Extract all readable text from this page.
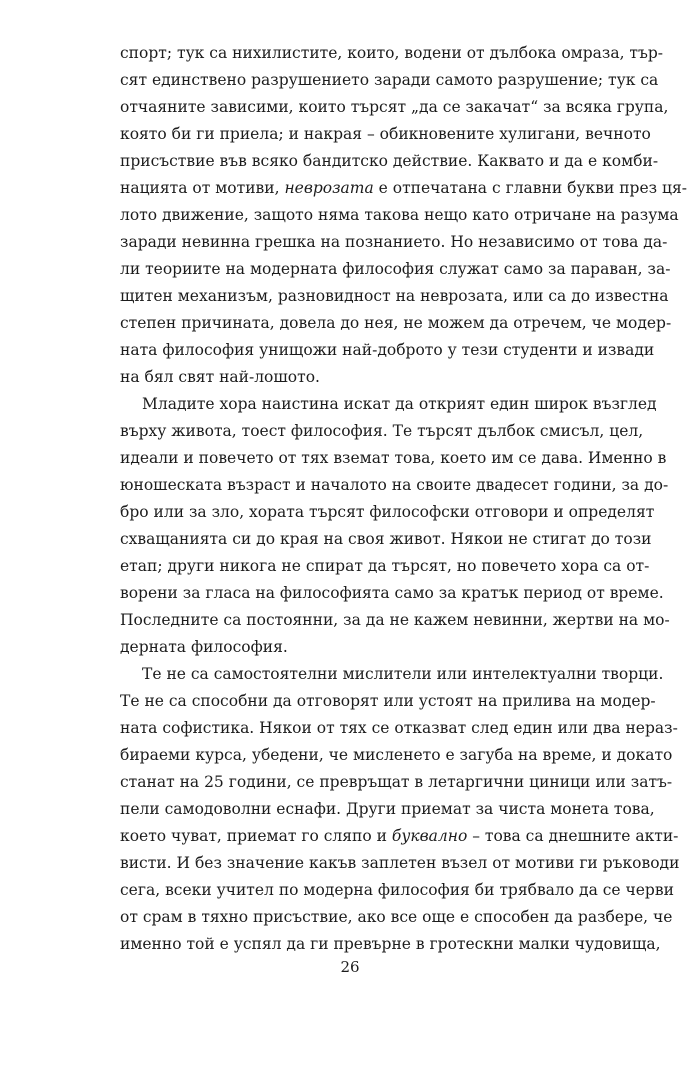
спорт; тук са нихилистите, които, водени от дълбока омраза, тър-
сят единствено разрушението заради самото разрушение; тук са
отчаяните зависими, които търсят „да се закачат“ за всяка група,
която би ги приела; и накрая – обикновените хулигани, вечното
присъствие във всяко бандитско действие. Каквато и да е комби-
нацията от мотиви, неврозата е отпечатана с главни букви през ця-
лото движение, защото няма такова нещо като отричане на разума
заради невинна грешка на познанието. Но независимо от това да-
ли теориите на модерната философия служат само за параван, за-
щитен механизъм, разновидност на неврозата, или са до известна
степен причината, довела до нея, не можем да отречем, че модер-
ната философия унищожи най-доброто у тези студенти и извади
на бял свят най-лошото.
Младите хора наистина искат да открият един широк възглед
върху живота, тоест философия. Те търсят дълбок смисъл, цел,
идеали и повечето от тях вземат това, което им се дава. Именно в
юношеската възраст и началото на своите двадесет години, за до-
бро или за зло, хората търсят философски отговори и определят
схващанията си до края на своя живот. Някои не стигат до този
етап; други никога не спират да търсят, но повечето хора са от-
ворени за гласа на философията само за кратък период от време.
Последните са постоянни, за да не кажем невинни, жертви на мо-
дерната философия.
Те не са самостоятелни мислители или интелектуални творци.
Те не са способни да отговорят или устоят на прилива на модер-
ната софистика. Някои от тях се отказват след един или два нераз-
бираеми курса, убедени, че мисленето е загуба на време, и докато
станат на 25 години, се превръщат в летаргични циници или затъ-
пели самодоволни еснафи. Други приемат за чиста монета това,
което чуват, приемат го сляпо и буквално – това са днешните акти-
висти. И без значение какъв заплетен възел от мотиви ги ръководи
сега, всеки учител по модерна философия би трябвало да се черви
от срам в тяхно присъствие, ако все още е способен да разбере, че
именно той е успял да ги превърне в гротескни малки чудовища,
26
